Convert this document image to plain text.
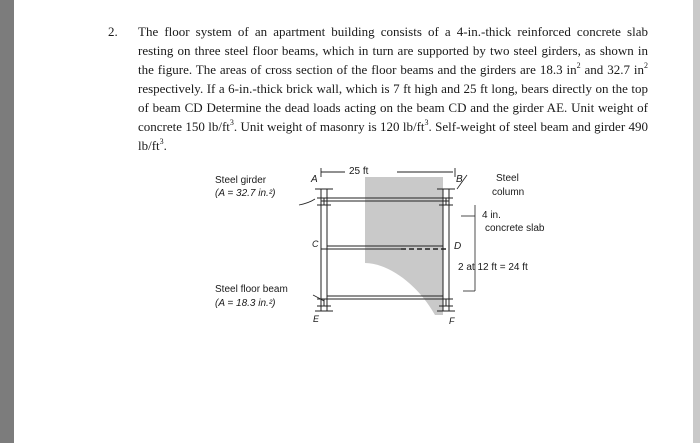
2. The floor system of an apartment building consists of a 4-in.-thick reinforced concrete slab resting on three steel floor beams, which in turn are supported by two steel girders, as shown in the figure. The areas of cross section of the floor beams and the girders are 18.3 $in^2$ and 32.7 $in^2$ respectively. If a 6-in.-thick brick wall, which is 7 ft high and 25 ft long, bears directly on the top of beam CD Determine the dead loads acting on the beam CD and the girder AE. Unit weight of concrete 150 $lb/ft^3$. Unit weight of masonry is 120 $lb/ft^3$. Self-weight of steel beam and girder 490 $lb/ft^3$.
Steel girder
(A = 32.7 in.²)
A
25 ft
B	Steel
column
4 in.
concrete slab
C	D
2 at 12 ft = 24 ft
Steel floor beam
(A = 18.3 in.²)
E	F
